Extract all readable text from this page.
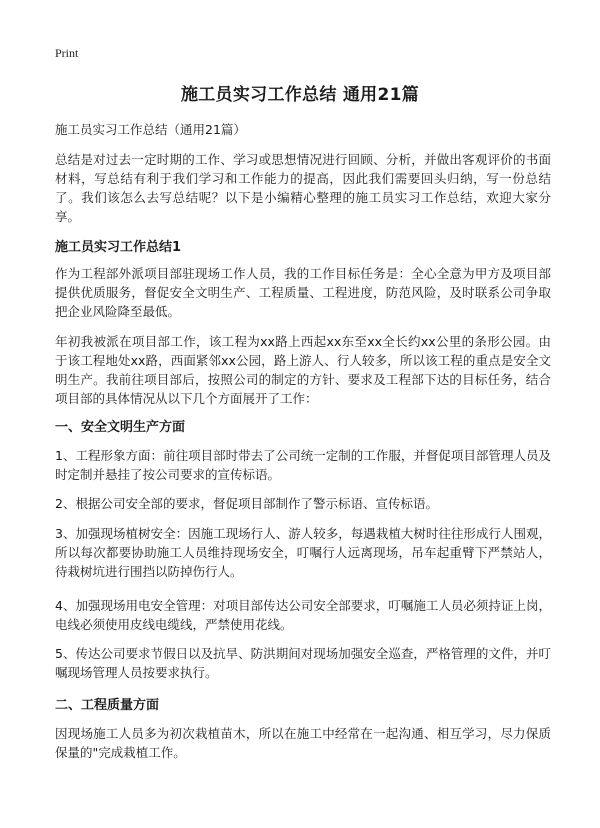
Print
施工员实习工作总结 通用21篇

施工员实习工作总结（通用21篇）

总结是对过去一定时期的工作、学习或思想情况进行回顾、分析，并做出客观评价的书面材料，写总结有利于我们学习和工作能力的提高，因此我们需要回头归纳，写一份总结了。我们该怎么去写总结呢？以下是小编精心整理的施工员实习工作总结，欢迎大家分享。

施工员实习工作总结1

作为工程部外派项目部驻现场工作人员，我的工作目标任务是：全心全意为甲方及项目部提供优质服务，督促安全文明生产、工程质量、工程进度，防范风险，及时联系公司争取把企业风险降至最低。

年初我被派在项目部工作，该工程为xx路上西起xx东至xx全长约xx公里的条形公园。由于该工程地处xx路，西面紧邻xx公园，路上游人、行人较多，所以该工程的重点是安全文明生产。我前往项目部后，按照公司的制定的方针、要求及工程部下达的目标任务，结合项目部的具体情况从以下几个方面展开了工作：

一、安全文明生产方面

1、工程形象方面：前往项目部时带去了公司统一定制的工作服，并督促项目部管理人员及时定制并悬挂了按公司要求的宣传标语。

2、根据公司安全部的要求，督促项目部制作了警示标语、宣传标语。

3、加强现场植树安全：因施工现场行人、游人较多，每遇栽植大树时往往形成行人围观，所以每次都要协助施工人员维持现场安全，叮嘱行人远离现场，吊车起重臂下严禁站人，待栽树坑进行围挡以防掉伤行人。

4、加强现场用电安全管理：对项目部传达公司安全部要求，叮嘱施工人员必须持证上岗，电线必须使用皮线电缆线，严禁使用花线。

5、传达公司要求节假日以及抗旱、防洪期间对现场加强安全巡查，严格管理的文件，并叮嘱现场管理人员按要求执行。

二、工程质量方面

因现场施工人员多为初次栽植苗木，所以在施工中经常在一起沟通、相互学习，尽力保质保量的"完成栽植工作。
